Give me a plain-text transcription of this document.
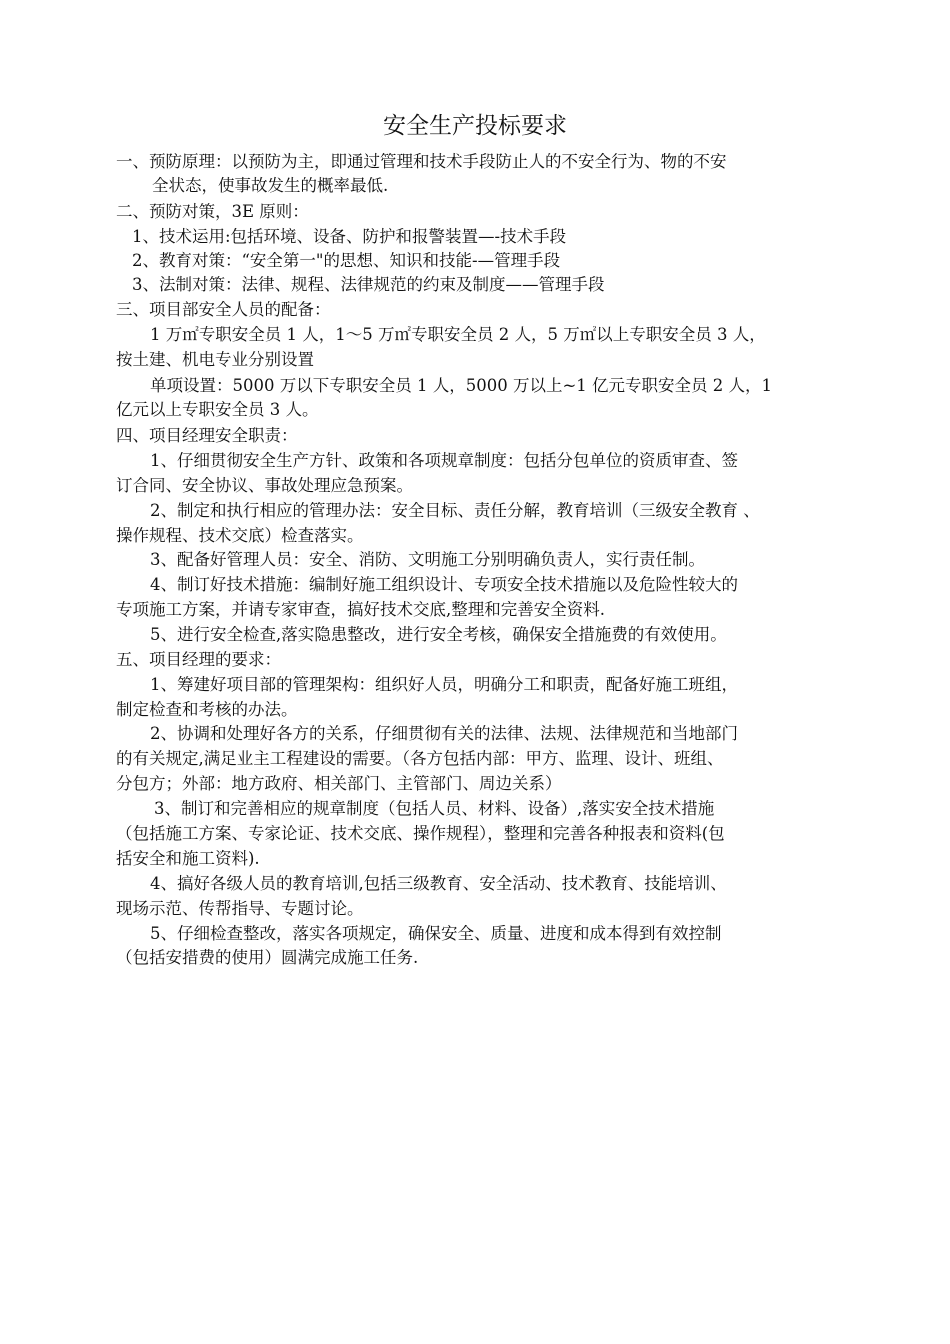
安全生产投标要求
一、预防原理：以预防为主，即通过管理和技术手段防止人的不安全行为、物的不安
全状态，使事故发生的概率最低.
二、预防对策，3E 原则：
1、技术运用:包括环境、设备、防护和报警装置—-技术手段
2、教育对策：“安全第一"的思想、知识和技能-—管理手段
3、法制对策：法律、规程、法律规范的约束及制度——管理手段
三、项目部安全人员的配备：
1 万㎡专职安全员 1 人，1～5 万㎡专职安全员 2 人，5 万㎡以上专职安全员 3 人，
按土建、机电专业分别设置
单项设置：5000 万以下专职安全员 1 人，5000 万以上~1 亿元专职安全员 2 人，1
亿元以上专职安全员 3 人。
四、项目经理安全职责：
1、仔细贯彻安全生产方针、政策和各项规章制度：包括分包单位的资质审查、签
订合同、安全协议、事故处理应急预案。
2、制定和执行相应的管理办法：安全目标、责任分解，教育培训（三级安全教育 、
操作规程、技术交底）检查落实。
3、配备好管理人员：安全、消防、文明施工分别明确负责人，实行责任制。
4、制订好技术措施：编制好施工组织设计、专项安全技术措施以及危险性较大的
专项施工方案，并请专家审查，搞好技术交底,整理和完善安全资料.
5、进行安全检查,落实隐患整改，进行安全考核，确保安全措施费的有效使用。
五、项目经理的要求：
1、筹建好项目部的管理架构：组织好人员，明确分工和职责，配备好施工班组，
制定检查和考核的办法。
2、协调和处理好各方的关系，仔细贯彻有关的法律、法规、法律规范和当地部门
的有关规定,满足业主工程建设的需要。（各方包括内部：甲方、监理、设计、班组、
分包方；外部：地方政府、相关部门、主管部门、周边关系）
3、制订和完善相应的规章制度（包括人员、材料、设备）,落实安全技术措施
（包括施工方案、专家论证、技术交底、操作规程），整理和完善各种报表和资料(包
括安全和施工资料).
4、搞好各级人员的教育培训,包括三级教育、安全活动、技术教育、技能培训、
现场示范、传帮指导、专题讨论。
5、仔细检查整改，落实各项规定，确保安全、质量、进度和成本得到有效控制
（包括安措费的使用）圆满完成施工任务.
